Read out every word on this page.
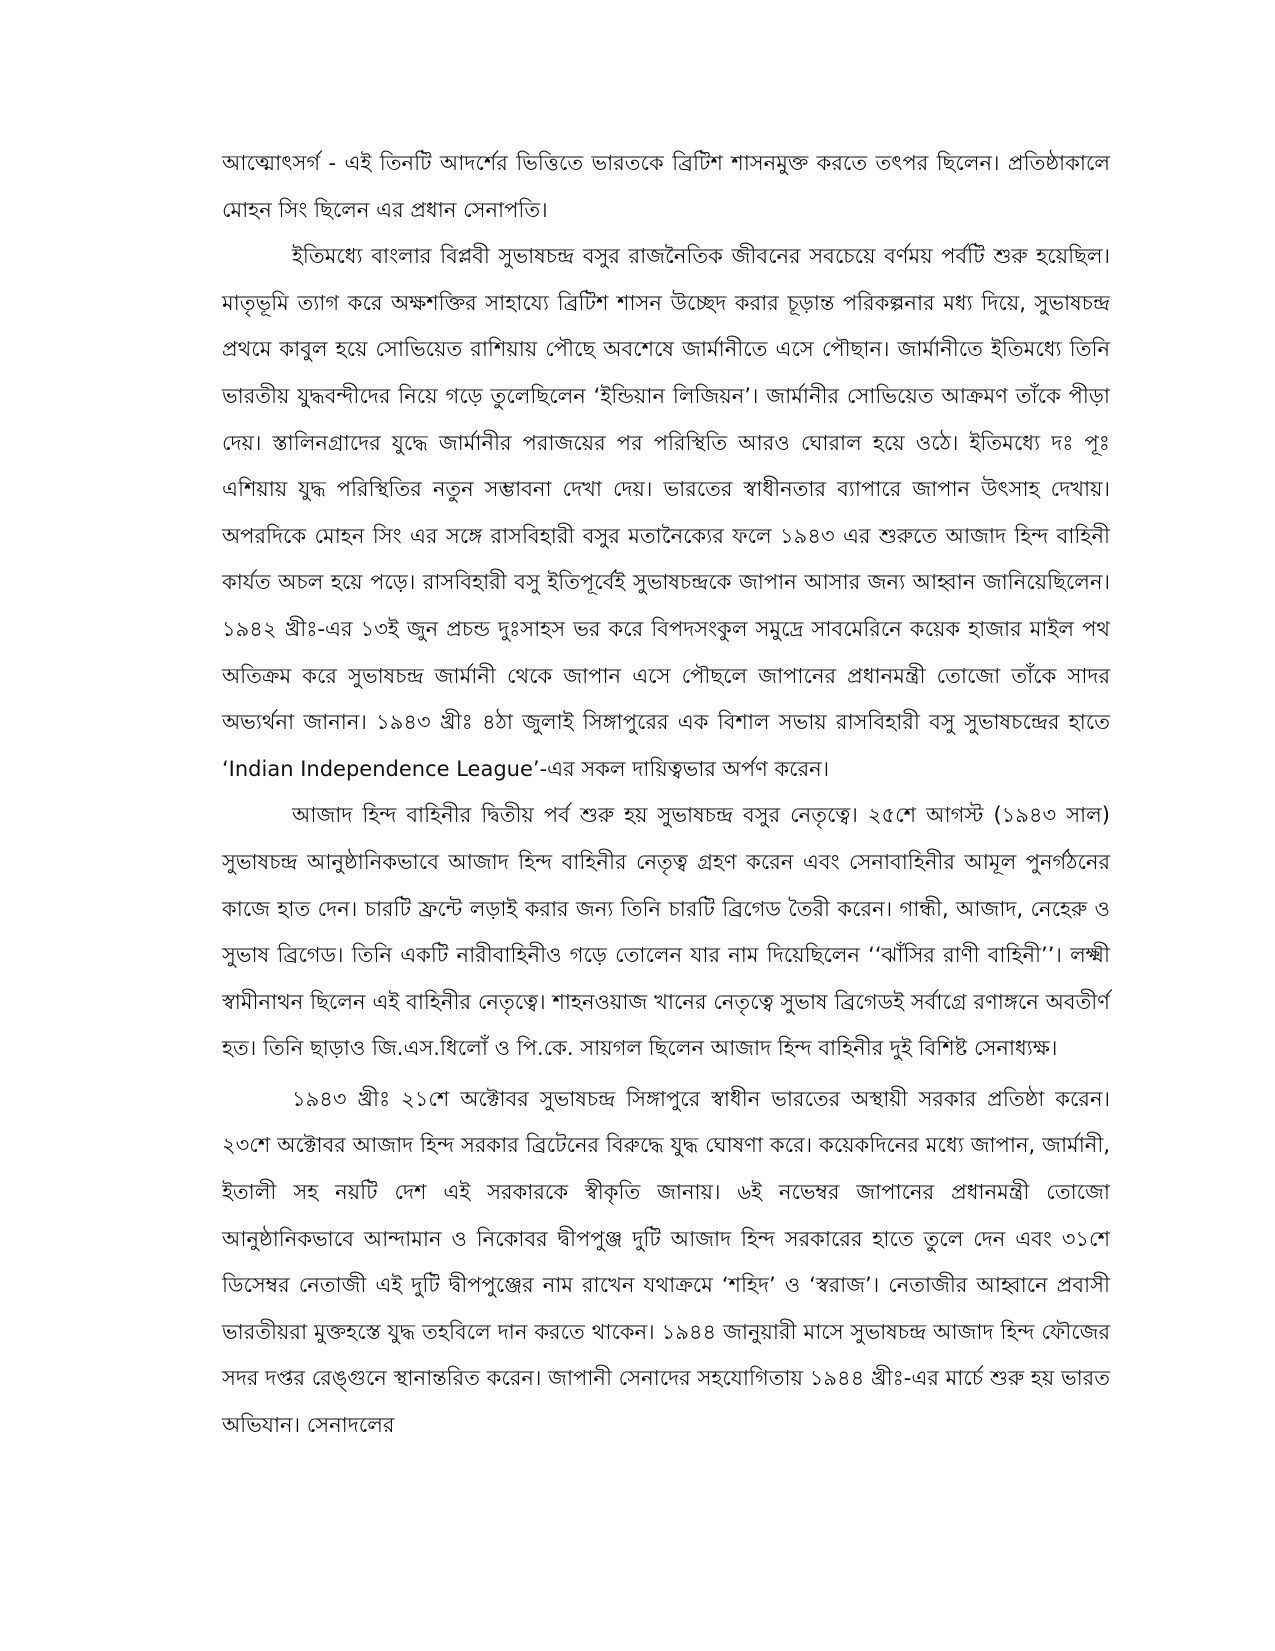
আত্মোৎসর্গ - এই তিনটি আদর্শের ভিত্তিতে ভারতকে ব্রিটিশ শাসনমুক্ত করতে তৎপর ছিলেন। প্রতিষ্ঠাকালে মোহন সিং ছিলেন এর প্রধান সেনাপতি।

ইতিমধ্যে বাংলার বিপ্লবী সুভাষচন্দ্র বসুর রাজনৈতিক জীবনের সবচেয়ে বর্ণময় পর্বটি শুরু হয়েছিল। মাতৃভূমি ত্যাগ করে অক্ষশক্তির সাহায্যে ব্রিটিশ শাসন উচ্ছেদ করার চূড়ান্ত পরিকল্পনার মধ্য দিয়ে, সুভাষচন্দ্র প্রথমে কাবুল হয়ে সোভিয়েত রাশিয়ায় পৌছে অবশেষে জার্মানীতে এসে পৌছান। জার্মানীতে ইতিমধ্যে তিনি ভারতীয় যুদ্ধবন্দীদের নিয়ে গড়ে তুলেছিলেন ‘ইন্ডিয়ান লিজিয়ন’। জার্মানীর সোভিয়েত আক্রমণ তাঁকে পীড়া দেয়। স্তালিনগ্রাদের যুদ্ধে জার্মানীর পরাজয়ের পর পরিস্থিতি আরও ঘোরাল হয়ে ওঠে। ইতিমধ্যে দঃ পূঃ এশিয়ায় যুদ্ধ পরিস্থিতির নতুন সম্ভাবনা দেখা দেয়। ভারতের স্বাধীনতার ব্যাপারে জাপান উৎসাহ দেখায়। অপরদিকে মোহন সিং এর সঙ্গে রাসবিহারী বসুর মতানৈক্যের ফলে ১৯৪৩ এর শুরুতে আজাদ হিন্দ বাহিনী কার্যত অচল হয়ে পড়ে। রাসবিহারী বসু ইতিপূর্বেই সুভাষচন্দ্রকে জাপান আসার জন্য আহ্বান জানিয়েছিলেন। ১৯৪২ খ্রীঃ-এর ১৩ই জুন প্রচন্ড দুঃসাহস ভর করে বিপদসংকুল সমুদ্রে সাবমেরিনে কয়েক হাজার মাইল পথ অতিক্রম করে সুভাষচন্দ্র জার্মানী থেকে জাপান এসে পৌছলে জাপানের প্রধানমন্ত্রী তোজো তাঁকে সাদর অভ্যর্থনা জানান। ১৯৪৩ খ্রীঃ ৪ঠা জুলাই সিঙ্গাপুরের এক বিশাল সভায় রাসবিহারী বসু সুভাষচন্দ্রের হাতে ‘Indian Independence League’-এর সকল দায়িত্বভার অর্পণ করেন।

আজাদ হিন্দ বাহিনীর দ্বিতীয় পর্ব শুরু হয় সুভাষচন্দ্র বসুর নেতৃত্বে। ২৫শে আগস্ট (১৯৪৩ সাল) সুভাষচন্দ্র আনুষ্ঠানিকভাবে আজাদ হিন্দ বাহিনীর নেতৃত্ব গ্রহণ করেন এবং সেনাবাহিনীর আমূল পুনর্গঠনের কাজে হাত দেন। চারটি ফ্রন্টে লড়াই করার জন্য তিনি চারটি ব্রিগেড তৈরী করেন। গান্ধী, আজাদ, নেহেরু ও সুভাষ ব্রিগেড। তিনি একটি নারীবাহিনীও গড়ে তোলেন যার নাম দিয়েছিলেন ‘‘ঝাঁসির রাণী বাহিনী’’। লক্ষ্মী স্বামীনাথন ছিলেন এই বাহিনীর নেতৃত্বে। শাহনওয়াজ খানের নেতৃত্বে সুভাষ ব্রিগেডই সর্বাগ্রে রণাঙ্গনে অবতীর্ণ হত। তিনি ছাড়াও জি.এস.ধিলোঁ ও পি.কে. সায়গল ছিলেন আজাদ হিন্দ বাহিনীর দুই বিশিষ্ট সেনাধ্যক্ষ।

১৯৪৩ খ্রীঃ ২১শে অক্টোবর সুভাষচন্দ্র সিঙ্গাপুরে স্বাধীন ভারতের অস্থায়ী সরকার প্রতিষ্ঠা করেন। ২৩শে অক্টোবর আজাদ হিন্দ সরকার ব্রিটেনের বিরুদ্ধে যুদ্ধ ঘোষণা করে। কয়েকদিনের মধ্যে জাপান, জার্মানী, ইতালী সহ নয়টি দেশ এই সরকারকে স্বীকৃতি জানায়। ৬ই নভেম্বর জাপানের প্রধানমন্ত্রী তোজো আনুষ্ঠানিকভাবে আন্দামান ও নিকোবর দ্বীপপুঞ্জ দুটি আজাদ হিন্দ সরকারের হাতে তুলে দেন এবং ৩১শে ডিসেম্বর নেতাজী এই দুটি দ্বীপপুঞ্জের নাম রাখেন যথাক্রমে ‘শহিদ’ ও ‘স্বরাজ’। নেতাজীর আহ্বানে প্রবাসী ভারতীয়রা মুক্তহস্তে যুদ্ধ তহবিলে দান করতে থাকেন। ১৯৪৪ জানুয়ারী মাসে সুভাষচন্দ্র আজাদ হিন্দ ফৌজের সদর দপ্তর রেঙ্গুনে স্থানান্তরিত করেন। জাপানী সেনাদের সহযোগিতায় ১৯৪৪ খ্রীঃ-এর মার্চে শুরু হয় ভারত অভিযান। সেনাদলের
